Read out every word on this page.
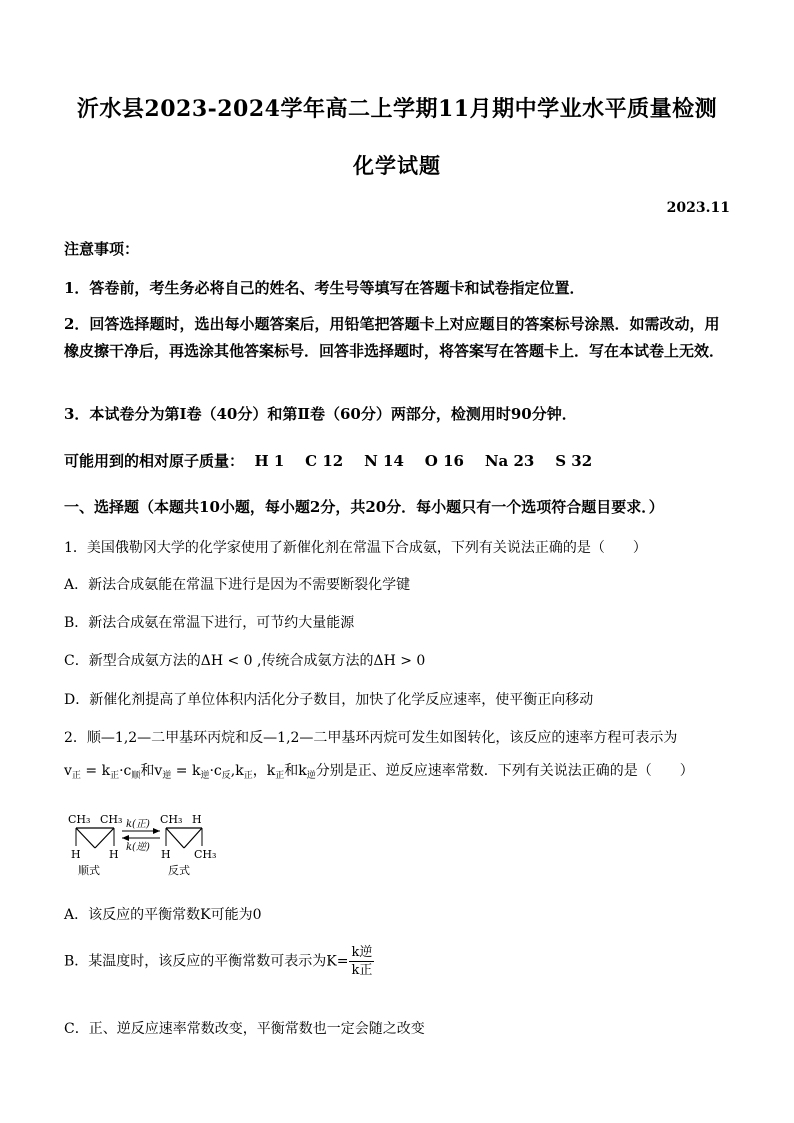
沂水县2023-2024学年高二上学期11月期中学业水平质量检测
化学试题
2023.11
注意事项：
1．答卷前，考生务必将自己的姓名、考生号等填写在答题卡和试卷指定位置．
2．回答选择题时，选出每小题答案后，用铅笔把答题卡上对应题目的答案标号涂黑．如需改动，用橡皮擦干净后，再选涂其他答案标号．回答非选择题时，将答案写在答题卡上．写在本试卷上无效．
3．本试卷分为第Ⅰ卷（40分）和第Ⅱ卷（60分）两部分，检测用时90分钟．
可能用到的相对原子质量：  H 1    C 12    N 14    O 16    Na 23    S 32
一、选择题（本题共10小题，每小题2分，共20分．每小题只有一个选项符合题目要求．）
1．美国俄勒冈大学的化学家使用了新催化剂在常温下合成氨，下列有关说法正确的是（　　）
A．新法合成氨能在常温下进行是因为不需要断裂化学键
B．新法合成氨在常温下进行，可节约大量能源
C．新型合成氨方法的ΔH < 0 ,传统合成氨方法的ΔH > 0
D．新催化剂提高了单位体积内活化分子数目，加快了化学反应速率，使平衡正向移动
2．顺—1,2—二甲基环丙烷和反—1,2—二甲基环丙烷可发生如图转化，该反应的速率方程可表示为
$v_正 = k_正\cdot c_顺$和$v_逆 = k_逆\cdot c_反,k_正$，$k_正$和$k_逆$分别是正、逆反应速率常数．下列有关说法正确的是（　　）
CH₃ CH₃
H	H
顺式
k(正)
k(逆)
CH₃ H
H CH₃
反式
A．该反应的平衡常数K可能为0
B．某温度时，该反应的平衡常数可表示为$K= \frac{\text{k逆}}{\text{k正}}$
C．正、逆反应速率常数改变，平衡常数也一定会随之改变
